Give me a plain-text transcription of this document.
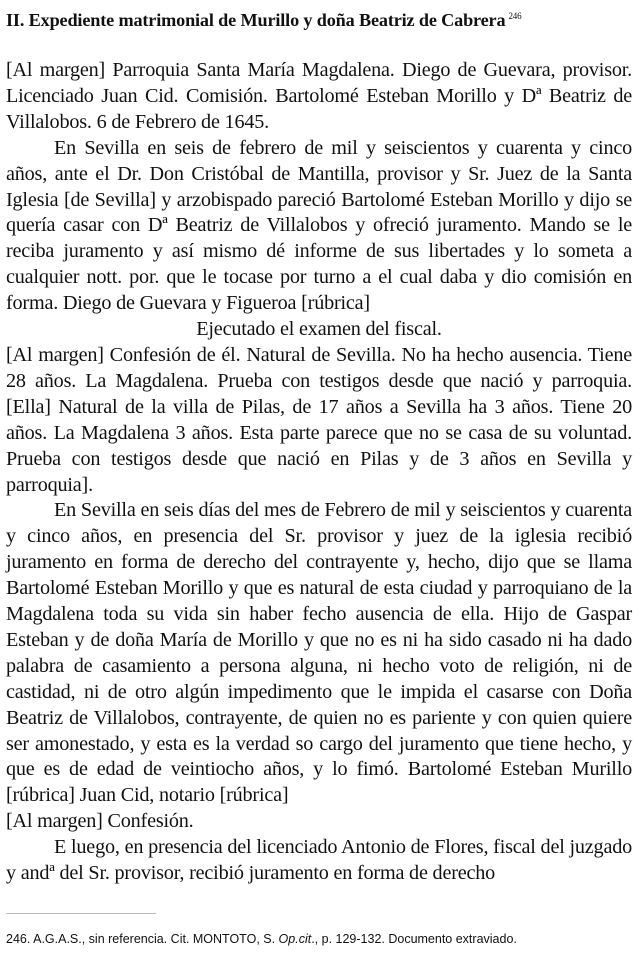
II. Expediente matrimonial de Murillo y doña Beatriz de Cabrera $^{246}$

[Al margen] Parroquia Santa María Magdalena. Diego de Guevara, provisor. Licenciado Juan Cid. Comisión. Bartolomé Esteban Morillo y Dª Beatriz de Villalobos. 6 de Febrero de 1645.

En Sevilla en seis de febrero de mil y seiscientos y cuarenta y cinco años, ante el Dr. Don Cristóbal de Mantilla, provisor y Sr. Juez de la Santa Iglesia [de Sevilla] y arzobispado pareció Bartolomé Esteban Morillo y dijo se quería casar con Dª Beatriz de Villalobos y ofreció juramento. Mando se le reciba juramento y así mismo dé informe de sus libertades y lo someta a cualquier nott. por. que le tocase por turno a el cual daba y dio comisión en forma. Diego de Guevara y Figueroa [rúbrica]

Ejecutado el examen del fiscal.

[Al margen] Confesión de él. Natural de Sevilla. No ha hecho ausencia. Tiene 28 años. La Magdalena. Prueba con testigos desde que nació y parroquia. [Ella] Natural de la villa de Pilas, de 17 años a Sevilla ha 3 años. Tiene 20 años. La Magdalena 3 años. Esta parte parece que no se casa de su voluntad. Prueba con testigos desde que nació en Pilas y de 3 años en Sevilla y parroquia].

En Sevilla en seis días del mes de Febrero de mil y seiscientos y cuarenta y cinco años, en presencia del Sr. provisor y juez de la iglesia recibió juramento en forma de derecho del contrayente y, hecho, dijo que se llama Bartolomé Esteban Morillo y que es natural de esta ciudad y parroquiano de la Magdalena toda su vida sin haber fecho ausencia de ella. Hijo de Gaspar Esteban y de doña María de Morillo y que no es ni ha sido casado ni ha dado palabra de casamiento a persona alguna, ni hecho voto de religión, ni de castidad, ni de otro algún impedimento que le impida el casarse con Doña Beatriz de Villalobos, contrayente, de quien no es pariente y con quien quiere ser amonestado, y esta es la verdad so cargo del juramento que tiene hecho, y que es de edad de veintiocho años, y lo fimó. Bartolomé Esteban Murillo [rúbrica] Juan Cid, notario [rúbrica]

[Al margen] Confesión.

E luego, en presencia del licenciado Antonio de Flores, fiscal del juzgado y andª del Sr. provisor, recibió juramento en forma de derecho

246. A.G.A.S., sin referencia. Cit. MONTOTO, S. Op.cit., p. 129-132. Documento extraviado.
